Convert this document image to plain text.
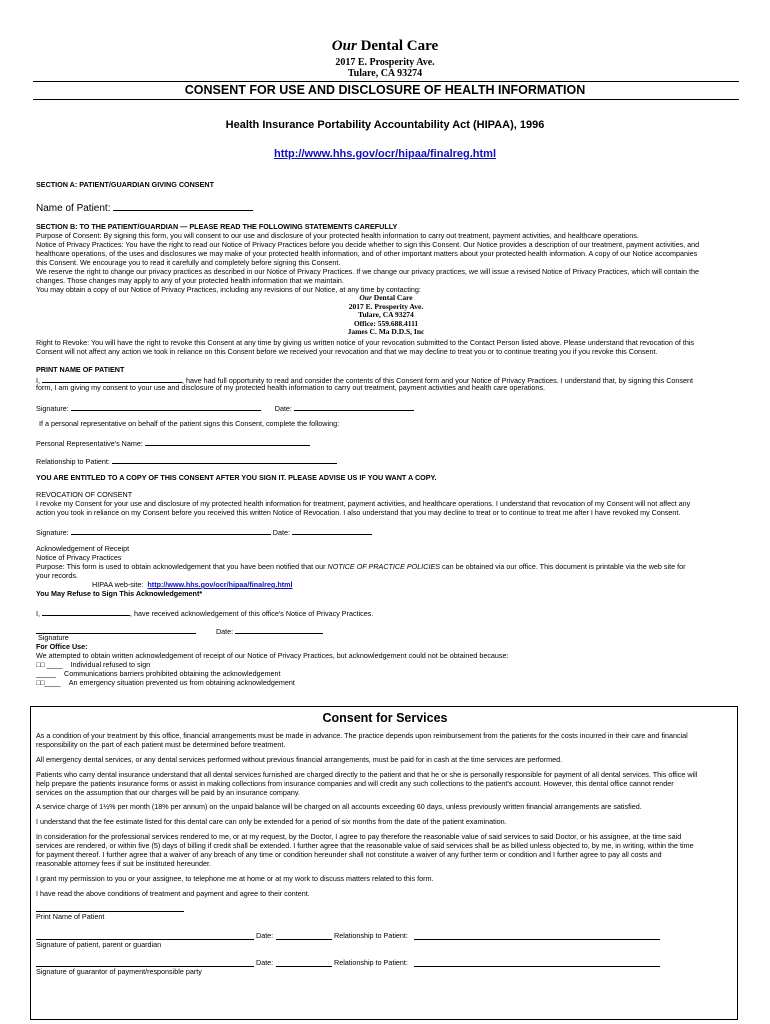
Our Dental Care
2017 E. Prosperity Ave.
Tulare, CA 93274
CONSENT FOR USE AND DISCLOSURE OF HEALTH INFORMATION
Health Insurance Portability Accountability Act (HIPAA), 1996
http://www.hhs.gov/ocr/hipaa/finalreg.html
SECTION A: PATIENT/GUARDIAN GIVING CONSENT
Name of Patient:
SECTION B: TO THE PATIENT/GUARDIAN — PLEASE READ THE FOLLOWING STATEMENTS CAREFULLY
Purpose of Consent: By signing this form, you will consent to our use and disclosure of your protected health information to carry out treatment, payment activities, and healthcare operations.
Notice of Privacy Practices: You have the right to read our Notice of Privacy Practices before you decide whether to sign this Consent. Our Notice provides a description of our treatment, payment activities, and
healthcare operations, of the uses and disclosures we may make of your protected health information, and of other important matters about your protected health information. A copy of our Notice accompanies
this Consent. We encourage you to read it carefully and completely before signing this Consent.
We reserve the right to change our privacy practices as described in our Notice of Privacy Practices. If we change our privacy practices, we will issue a revised Notice of Privacy Practices, which will contain the
changes. Those changes may apply to any of your protected health information that we maintain.
You may obtain a copy of our Notice of Privacy Practices, including any revisions of our Notice, at any time by contacting:
Our Dental Care
2017 E. Prosperity Ave.
Tulare, CA 93274
Office: 559.688.4111
James C. Ma D.D.S, Inc
Right to Revoke: You will have the right to revoke this Consent at any time by giving us written notice of your revocation submitted to the Contact Person listed above. Please understand that revocation of this
Consent will not affect any action we took in reliance on this Consent before we received your revocation and that we may decline to treat you or to continue treating you if you revoke this Consent.
PRINT NAME OF PATIENT
I,	, have had full opportunity to read and consider the contents of this Consent form and your Notice of Privacy Practices. I understand that, by signing this Consent
form, I am giving my consent to your use and disclosure of my protected health information to carry out treatment, payment activities and health care operations.
Signature:	Date:
If a personal representative on behalf of the patient signs this Consent, complete the following:
Personal Representative's Name:
Relationship to Patient:
YOU ARE ENTITLED TO A COPY OF THIS CONSENT AFTER YOU SIGN IT. PLEASE ADVISE US IF YOU WANT A COPY.
REVOCATION OF CONSENT
I revoke my Consent for your use and disclosure of my protected health information for treatment, payment activities, and healthcare operations. I understand that revocation of my Consent will not affect any
action you took in reliance on my Consent before you received this written Notice of Revocation. I also understand that you may decline to treat or to continue to treat me after I have revoked my Consent.
Signature:	Date:
Acknowledgement of Receipt
Notice of Privacy Practices
Purpose: This form is used to obtain acknowledgement that you have been notified that our NOTICE OF PRACTICE POLICIES can be obtained via our office. This document is printable via the web site for
your records.
HIPAA web-site: http://www.hhs.gov/ocr/hipaa/finalreg.html
You May Refuse to Sign This Acknowledgement*
I,	, have received acknowledgement of this office's Notice of Privacy Practices.
Date:
Signature
For Office Use:
We attempted to obtain written acknowledgement of receipt of our Notice of Privacy Practices, but acknowledgement could not be obtained because:
□□ ____ Individual refused to sign
_____ Communications barriers prohibited obtaining the acknowledgement
□□____ An emergency situation prevented us from obtaining acknowledgement
Consent for Services
As a condition of your treatment by this office, financial arrangements must be made in advance. The practice depends upon reimbursement from the patients for the costs incurred in their care and financial
responsibility on the part of each patient must be determined before treatment.
All emergency dental services, or any dental services performed without previous financial arrangements, must be paid for in cash at the time services are performed.
Patients who carry dental insurance understand that all dental services furnished are charged directly to the patient and that he or she is personally responsible for payment of all dental services. This office will
help prepare the patients insurance forms or assist in making collections from insurance companies and will credit any such collections to the patient's account. However, this dental office cannot render
services on the assumption that our charges will be paid by an insurance company.
A service charge of 1½% per month (18% per annum) on the unpaid balance will be charged on all accounts exceeding 60 days, unless previously written financial arrangements are satisfied.
I understand that the fee estimate listed for this dental care can only be extended for a period of six months from the date of the patient examination.
In consideration for the professional services rendered to me, or at my request, by the Doctor, I agree to pay therefore the reasonable value of said services to said Doctor, or his assignee, at the time said
services are rendered, or within five (5) days of billing if credit shall be extended. I further agree that the reasonable value of said services shall be as billed unless objected to, by me, in writing, within the time
for payment thereof. I further agree that a waiver of any breach of any time or condition hereunder shall not constitute a waiver of any further term or condition and I further agree to pay all costs and
reasonable attorney fees if suit be instituted hereunder.
I grant my permission to you or your assignee, to telephone me at home or at my work to discuss matters related to this form.
I have read the above conditions of treatment and payment and agree to their content.
Print Name of Patient
Date:	Relationship to Patient:
Signature of patient, parent or guardian
Date:	Relationship to Patient:
Signature of guarantor of payment/responsible party
